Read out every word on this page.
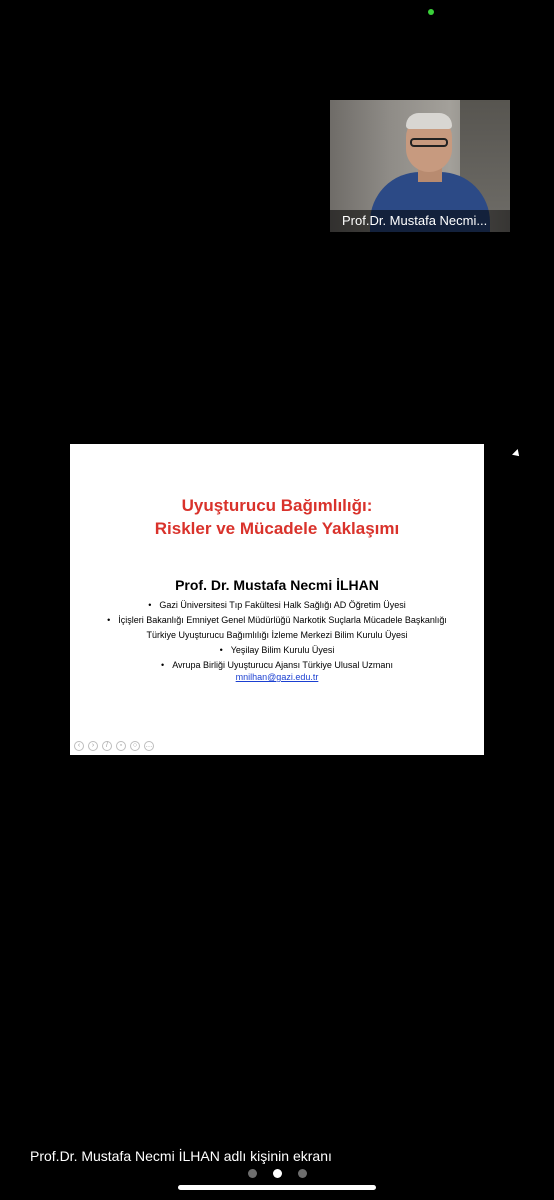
Prof.Dr. Mustafa Necmi...
Uyuşturucu Bağımlılığı:
Riskler ve Mücadele Yaklaşımı
Prof. Dr. Mustafa Necmi İLHAN
• Gazi Üniversitesi Tıp Fakültesi Halk Sağlığı AD Öğretim Üyesi
• İçişleri Bakanlığı Emniyet Genel Müdürlüğü Narkotik Suçlarla Mücadele Başkanlığı
Türkiye Uyuşturucu Bağımlılığı İzleme Merkezi Bilim Kurulu Üyesi
• Yeşilay Bilim Kurulu Üyesi
• Avrupa Birliği Uyuşturucu Ajansı Türkiye Ulusal Uzmanı
mnilhan@gazi.edu.tr
‹	›	/	▫	○	…
Prof.Dr. Mustafa Necmi İLHAN adlı kişinin ekranı
